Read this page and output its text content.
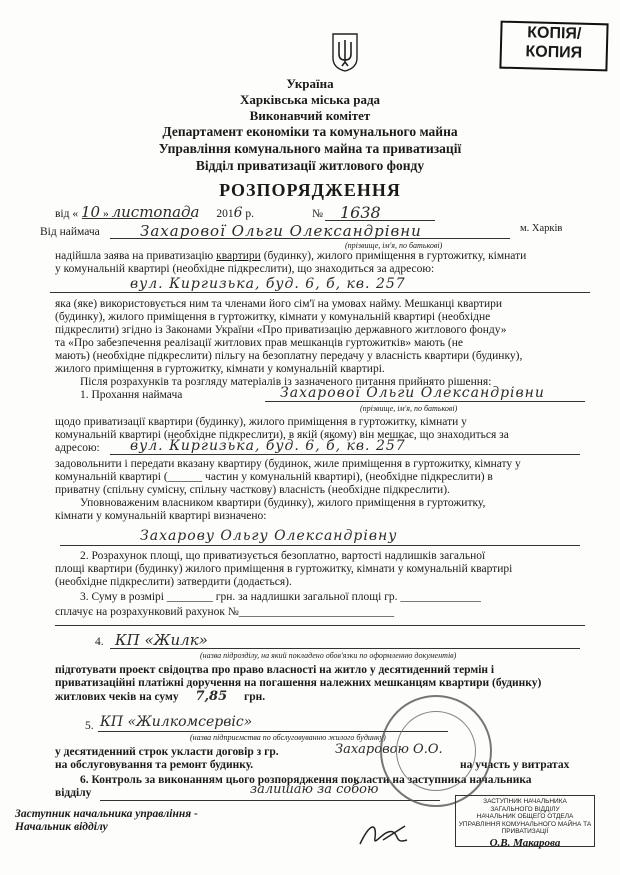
КОПІЯ/
КОПИЯ
Україна
Харківська міська рада
Виконавчий комітет
Департамент економіки та комунального майна
Управління комунального майна та приватизації
Відділ приватизації житлового фонду
РОЗПОРЯДЖЕННЯ
від « 10 » листопада 2016 р.	№ 1638
м. Харків
Від наймача	Захарової Ольги Олександрівни
(прізвище, ім'я, по батькові)
надійшла заява на приватизацію квартири (будинку), жилого приміщення в гуртожитку, кімнати
у комунальній квартирі (необхідне підкреслити), що знаходиться за адресою:
вул. Киргизька, буд. 6, б, кв. 257
яка (яке) використовується ним та членами його сім'ї на умовах найму. Мешканці квартири
(будинку), жилого приміщення в гуртожитку, кімнати у комунальній квартирі (необхідне
підкреслити) згідно із Законами України «Про приватизацію державного житлового фонду»
та «Про забезпечення реалізації житлових прав мешканців гуртожитків» мають (не
мають) (необхідне підкреслити) пільгу на безоплатну передачу у власність квартири (будинку),
жилого приміщення в гуртожитку, кімнати у комунальній квартирі.
Після розрахунків та розгляду матеріалів із зазначеного питання прийнято рішення:
1. Прохання наймача	Захарової Ольги Олександрівни
(прізвище, ім'я, по батькові)
щодо приватизації квартири (будинку), жилого приміщення в гуртожитку, кімнати у
комунальній квартирі (необхідне підкреслити), в якій (якому) він мешкає, що знаходиться за
адресою: вул. Киргизька, буд. 6, б, кв. 257
задовольнити і передати вказану квартиру (будинок, жиле приміщення в гуртожитку, кімнату у
комунальній квартирі (______ частин у комунальній квартирі), (необхідне підкреслити) в
приватну (спільну сумісну, спільну часткову) власність (необхідне підкреслити).
Уповноваженим власником квартири (будинку), жилого приміщення в гуртожитку,
кімнати у комунальній квартирі визначено:
Захарову Ольгу Олександрівну
2. Розрахунок площі, що приватизується безоплатно, вартості надлишків загальної
площі квартири (будинку) жилого приміщення в гуртожитку, кімнати у комунальній квартирі
(необхідне підкреслити) затвердити (додається).
3. Суму в розмірі ________ грн. за надлишки загальної площі гр. ______________
сплачує на розрахунковий рахунок №___________________________
4. КП «Жилк»
(назва підрозділу, на який покладено обов'язки по оформленню документів)
підготувати проект свідоцтва про право власності на житло у десятиденний термін і
приватизаційні платіжні доручення на погашення належних мешканцям квартири (будинку)
житлових чеків на суму 7,85 грн.
5. КП «Жилкомсервіс»
(назва підприємства по обслуговуванню жилого будинку)
у десятиденний строк укласти договір з гр.	Захаровою О.О.
на участь у витратах
на обслуговування та ремонт будинку.
6. Контроль за виконанням цього розпорядження покласти на заступника начальника
відділу	залишаю за собою
Заступник начальника управління -
Начальник відділу
ЗАСТУПНИК НАЧАЛЬНИКА
ЗАГАЛЬНОГО ВІДДІЛУ
НАЧАЛЬНИК ОБЩЕГО ОТДЕЛА
УПРАВЛІННЯ КОМУНАЛЬНОГО МАЙНА ТА ПРИВАТИЗАЦІЇ
О.В. Макарова
